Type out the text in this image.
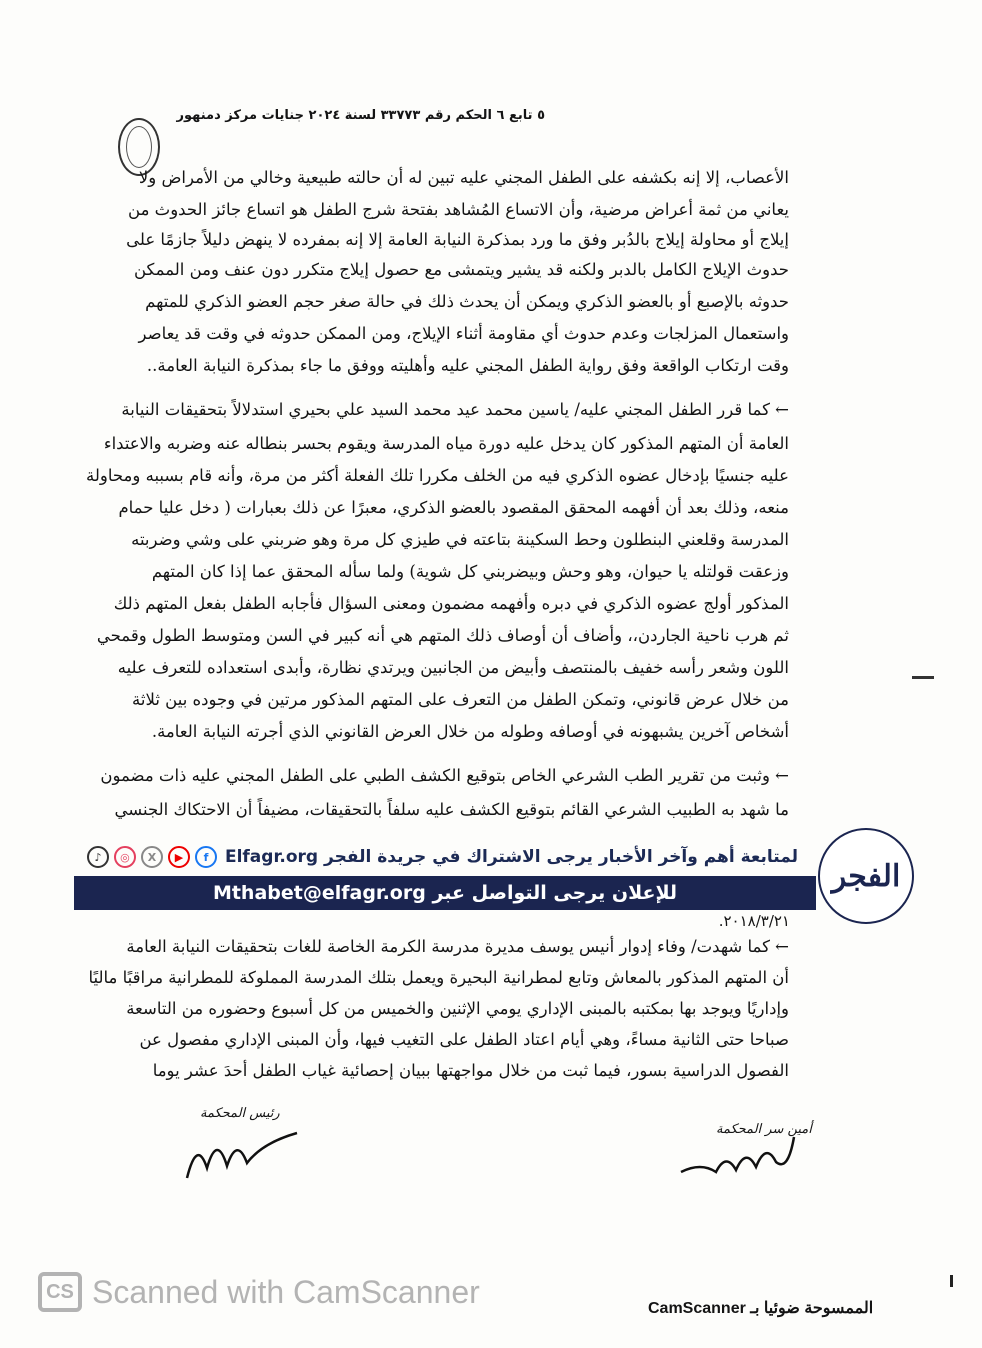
٥ تابع ٦ الحكم رقم ٣٣٧٧٣ لسنة ٢٠٢٤ جنايات مركز دمنهور
الأعصاب، إلا إنه بكشفه على الطفل المجني عليه تبين له أن حالته طبيعية وخالي من الأمراض ولا
يعاني من ثمة أعراض مرضية، وأن الاتساع المُشاهد بفتحة شرج الطفل هو اتساع جائز الحدوث من
إيلاج أو محاولة إيلاج بالدُبر وفق ما ورد بمذكرة النيابة العامة إلا إنه بمفرده لا ينهض دليلاً جازمًا على
حدوث الإيلاج الكامل بالدبر ولكنه قد يشير ويتمشى مع حصول إيلاج متكرر دون عنف ومن الممكن
حدوثه بالإصبع أو بالعضو الذكري ويمكن أن يحدث ذلك في حالة صغر حجم العضو الذكري للمتهم
واستعمال المزلجات وعدم حدوث أي مقاومة أثناء الإيلاج، ومن الممكن حدوثه في وقت قد يعاصر
وقت ارتكاب الواقعة وفق رواية الطفل المجني عليه وأهليته ووفق ما جاء بمذكرة النيابة العامة..
← كما قرر الطفل المجني عليه/ ياسين محمد عيد محمد السيد علي بحيري استدلالاً بتحقيقات النيابة
العامة أن المتهم المذكور كان يدخل عليه دورة مياه المدرسة ويقوم بحسر بنطاله عنه وضربه والاعتداء
عليه جنسيًا بإدخال عضوه الذكري فيه من الخلف مكررا تلك الفعلة أكثر من مرة، وأنه قام بسببه ومحاولة
منعه، وذلك بعد أن أفهمه المحقق المقصود بالعضو الذكري، معبرًا عن ذلك بعبارات ( دخل عليا حمام
المدرسة وقلعني البنطلون وحط السكينة بتاعته في طيزي كل مرة وهو ضربني على وشي وضربته
وزعقت قولتله يا حيوان، وهو وحش وبيضربني كل شوية) ولما سأله المحقق عما إذا كان المتهم
المذكور أولج عضوه الذكري في دبره وأفهمه مضمون ومعنى السؤال فأجابه الطفل بفعل المتهم ذلك
ثم هرب ناحية الجاردن،، وأضاف أن أوصاف ذلك المتهم هي أنه كبير في السن ومتوسط الطول وقمحي
اللون وشعر رأسه خفيف بالمنتصف وأبيض من الجانبين ويرتدي نظارة، وأبدى استعداده للتعرف عليه
من خلال عرض قانوني، وتمكن الطفل من التعرف على المتهم المذكور مرتين في وجوده بين ثلاثة
أشخاص آخرين يشبهونه في أوصافه وطوله من خلال العرض القانوني الذي أجرته النيابة العامة.
← وثبت من تقرير الطب الشرعي الخاص بتوقيع الكشف الطبي على الطفل المجني عليه ذات مضمون
ما شهد به الطبيب الشرعي القائم بتوقيع الكشف عليه سلفاً بالتحقيقات، مضيفاً أن الاحتكاك الجنسي
لمتابعة أهم وآخر الأخبار يرجى الاشتراك في جريدة الفجر Elfagr.org
♪	◎	X	▶	f
للإعلان يرجى التواصل عبر Mthabet@elfagr.org	الفجر
٢٠١٨/٣/٢١.
← كما شهدت/ وفاء إدوار أنيس يوسف مديرة مدرسة الكرمة الخاصة للغات بتحقيقات النيابة العامة
أن المتهم المذكور بالمعاش وتابع لمطرانية البحيرة ويعمل بتلك المدرسة المملوكة للمطرانية مراقبًا ماليًا
وإداريًا ويوجد بها بمكتبه بالمبنى الإداري يومي الإثنين والخميس من كل أسبوع وحضوره من التاسعة
صباحا حتى الثانية مساءً، وهي أيام اعتاد الطفل على التغيب فيها، وأن المبنى الإداري مفصول عن
الفصول الدراسية بسور، فيما ثبت من خلال مواجهتها ببيان إحصائية غياب الطفل أحدَ عشر يوما
رئيس المحكمة
أمين سر المحكمة
CS Scanned with CamScanner	الممسوحة ضوئيا بـ CamScanner
